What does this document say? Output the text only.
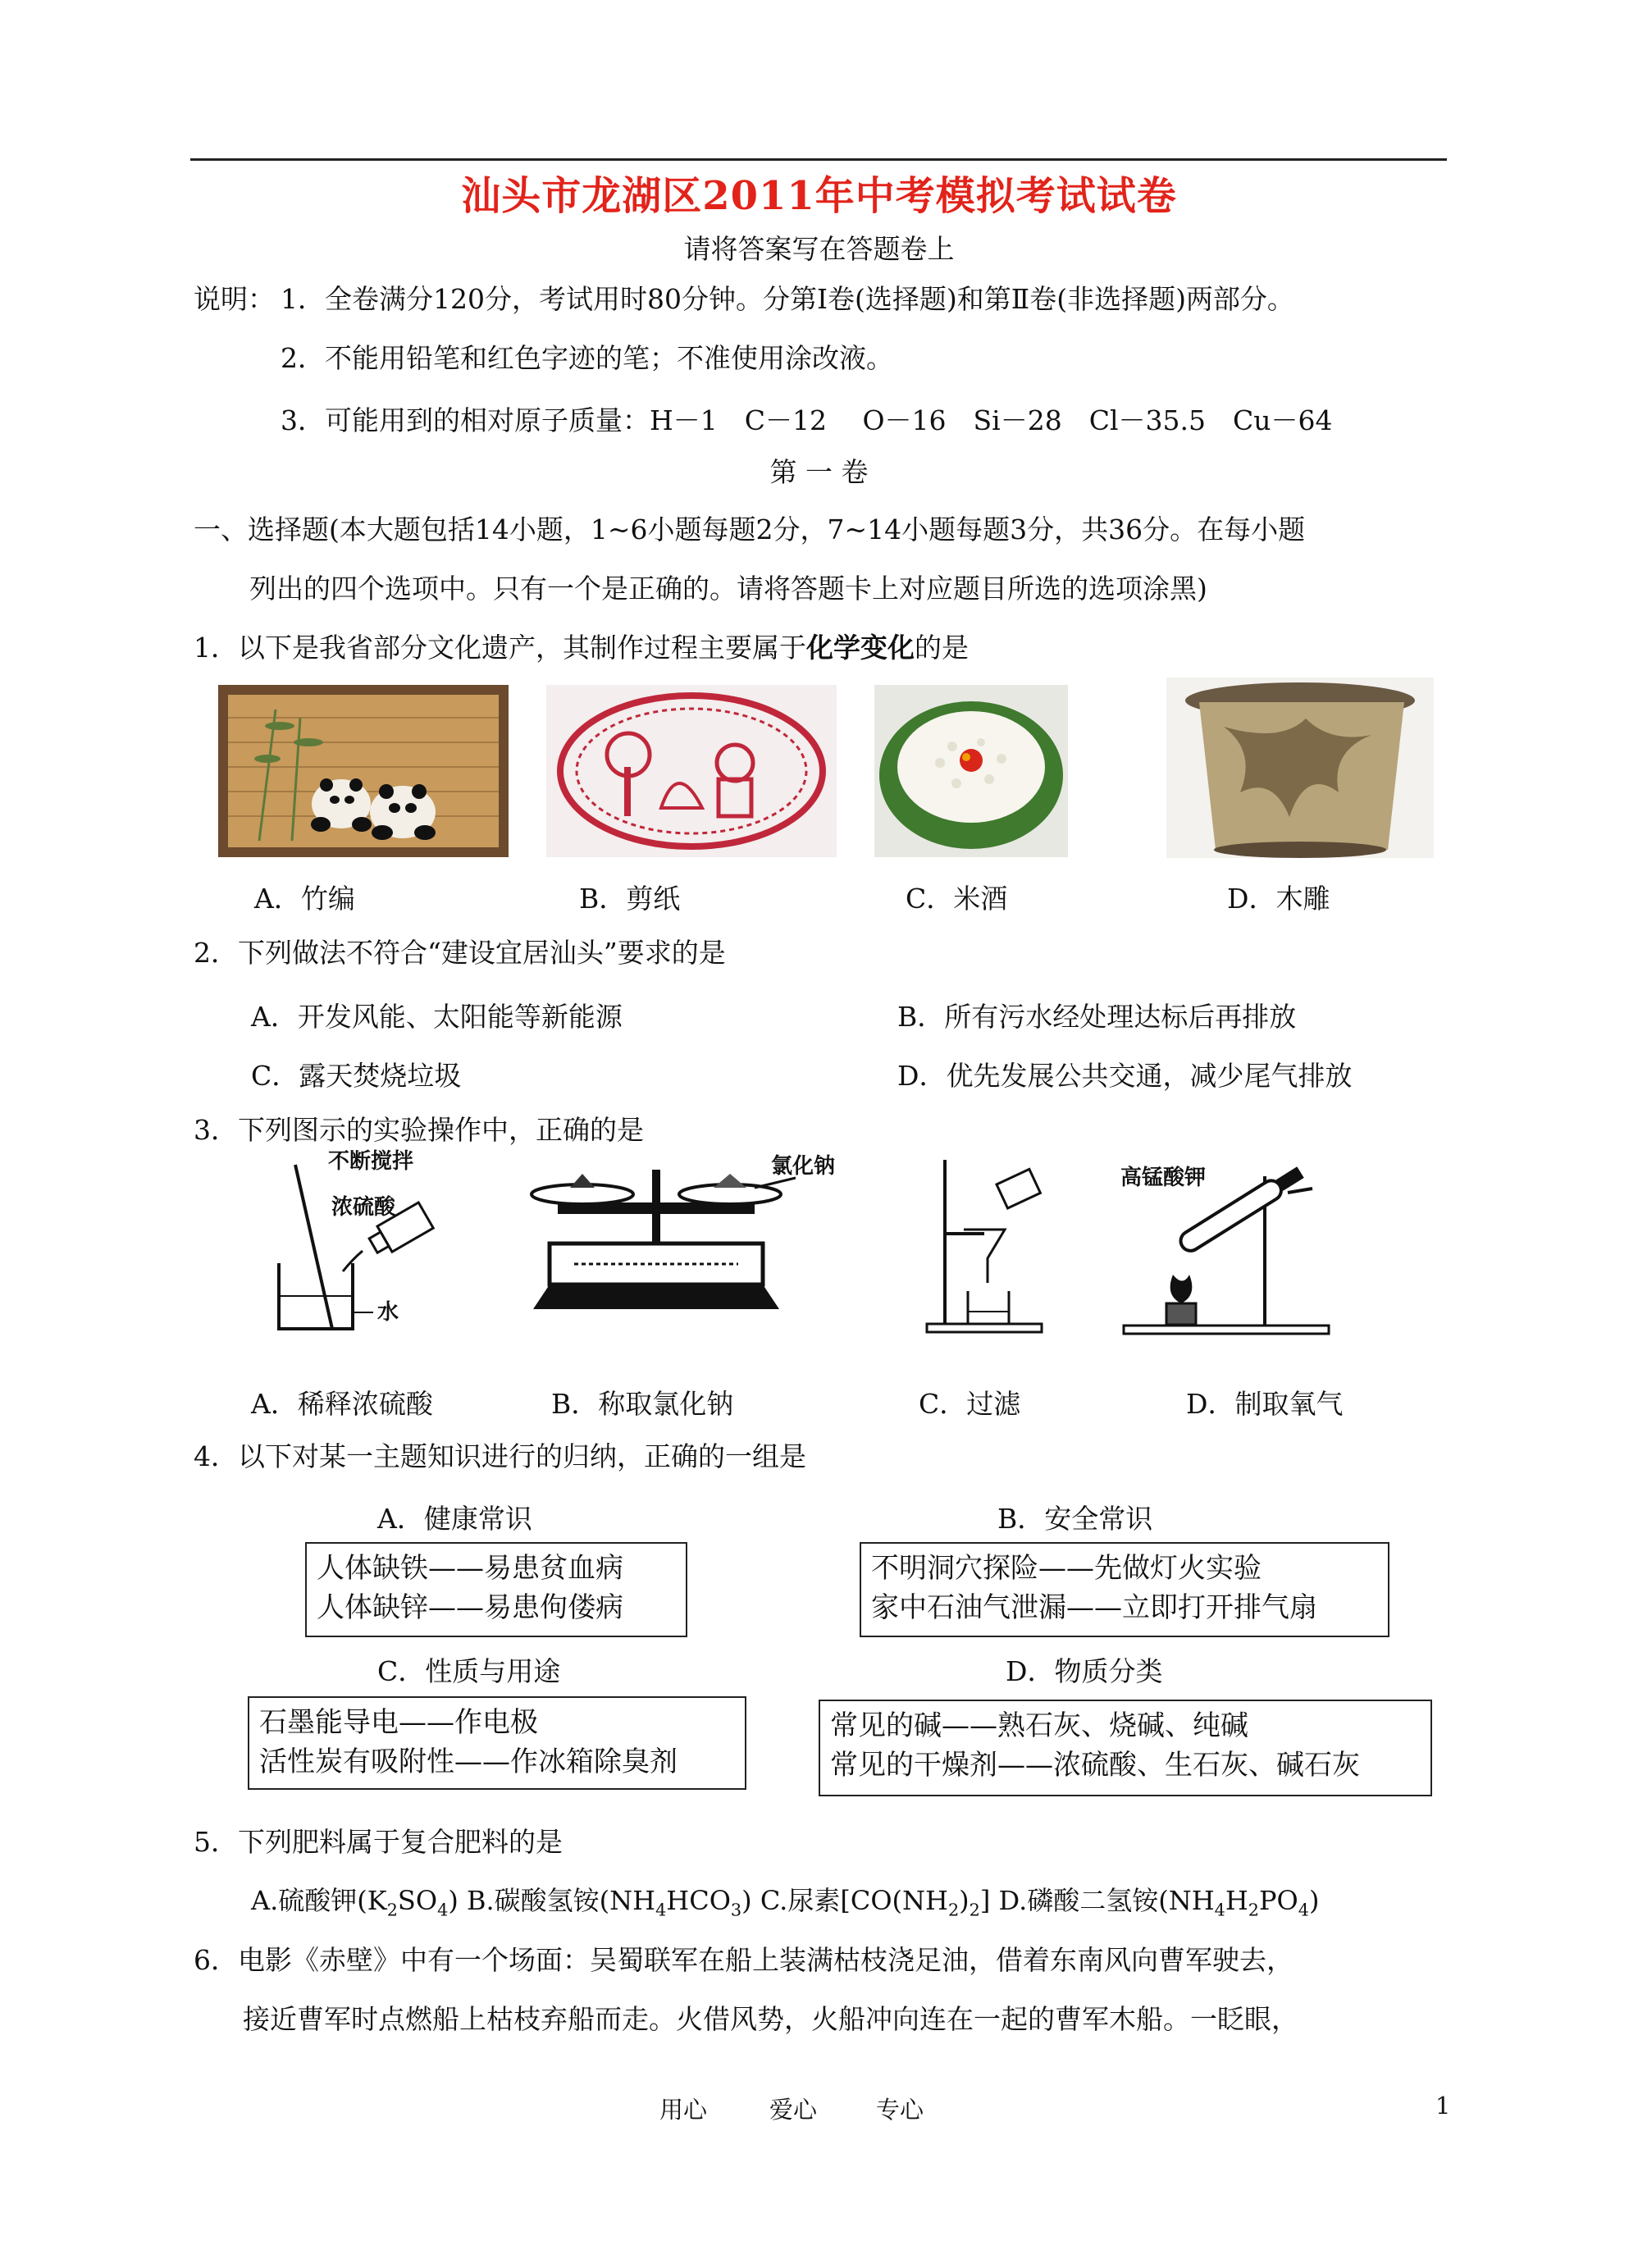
汕头市龙湖区2011年中考模拟考试试卷
请将答案写在答题卷上
说明： 1．全卷满分120分，考试用时80分钟。分第Ⅰ卷(选择题)和第Ⅱ卷(非选择题)两部分。
2．不能用铅笔和红色字迹的笔；不准使用涂改液。
3．可能用到的相对原子质量：H－1　C－12　 O－16　Si－28　Cl－35.5　Cu－64
第 一 卷
一、选择题(本大题包括14小题，1~6小题每题2分，7~14小题每题3分，共36分。在每小题
列出的四个选项中。只有一个是正确的。请将答题卡上对应题目所选的选项涂黑)
1．以下是我省部分文化遗产，其制作过程主要属于化学变化的是
A．竹编	B．剪纸	C．米酒	D．木雕
2．下列做法不符合“建设宜居汕头”要求的是
A．开发风能、太阳能等新能源	B．所有污水经处理达标后再排放
C．露天焚烧垃圾	D．优先发展公共交通，减少尾气排放
3．下列图示的实验操作中，正确的是
不断搅拌
浓硫酸
水
氯化钠	高锰酸钾
A．稀释浓硫酸	B．称取氯化钠	C．过滤	D．制取氧气
4．以下对某一主题知识进行的归纳，正确的一组是
A．健康常识
人体缺铁——易患贫血病
人体缺锌——易患佝偻病
B．安全常识
不明洞穴探险——先做灯火实验
家中石油气泄漏——立即打开排气扇
C．性质与用途
石墨能导电——作电极
活性炭有吸附性——作冰箱除臭剂
D．物质分类
常见的碱——熟石灰、烧碱、纯碱
常见的干燥剂——浓硫酸、生石灰、碱石灰
5．下列肥料属于复合肥料的是
A.硫酸钾$(K_2SO_4)$ B.碳酸氢铵$(NH_4HCO_3)$ C.尿素$[CO(NH_2)_2]$ D.磷酸二氢铵$(NH_4H_2PO_4)$
6．电影《赤壁》中有一个场面：吴蜀联军在船上装满枯枝浇足油，借着东南风向曹军驶去，
接近曹军时点燃船上枯枝弃船而走。火借风势，火船冲向连在一起的曹军木船。一眨眼，
用心	爱心 专心	1
